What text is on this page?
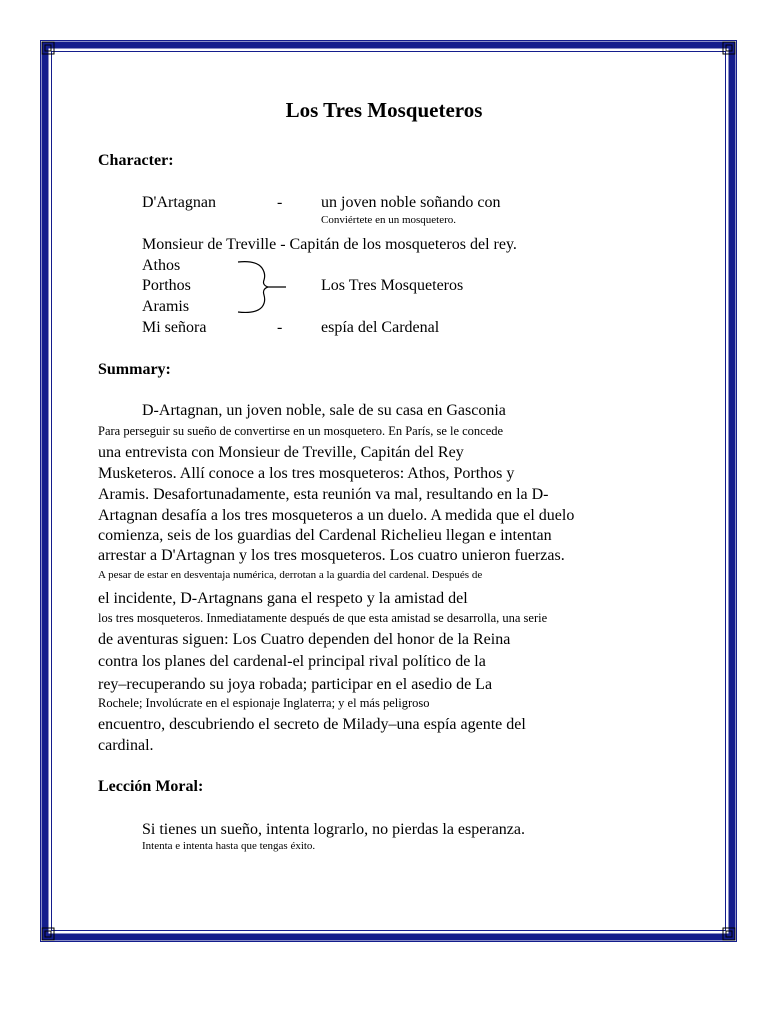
Los Tres Mosqueteros
Character:
D'Artagnan	- un joven noble soñando con
Conviértete en un mosquetero.
Monsieur de Treville - Capitán de los mosqueteros del rey.
Athos
Porthos
Aramis
Los Tres Mosqueteros
Mi señora	- espía del Cardenal
Summary:
D-Artagnan, un joven noble, sale de su casa en Gasconia
Para perseguir su sueño de convertirse en un mosquetero. En París, se le concede
una entrevista con Monsieur de Treville, Capitán del Rey
Musketeros. Allí conoce a los tres mosqueteros: Athos, Porthos y
Aramis. Desafortunadamente, esta reunión va mal, resultando en la D-
Artagnan desafía a los tres mosqueteros a un duelo. A medida que el duelo
comienza, seis de los guardias del Cardenal Richelieu llegan e intentan
arrestar a D'Artagnan y los tres mosqueteros. Los cuatro unieron fuerzas.
A pesar de estar en desventaja numérica, derrotan a la guardia del cardenal. Después de
el incidente, D-Artagnans gana el respeto y la amistad del
los tres mosqueteros. Inmediatamente después de que esta amistad se desarrolla, una serie
de aventuras siguen: Los Cuatro dependen del honor de la Reina
contra los planes del cardenal-el principal rival político de la
rey–recuperando su joya robada; participar en el asedio de La
Rochele; Involúcrate en el espionaje Inglaterra; y el más peligroso
encuentro, descubriendo el secreto de Milady–una espía agente del
cardinal.
Lección Moral:
Si tienes un sueño, intenta lograrlo, no pierdas la esperanza.
Intenta e intenta hasta que tengas éxito.
